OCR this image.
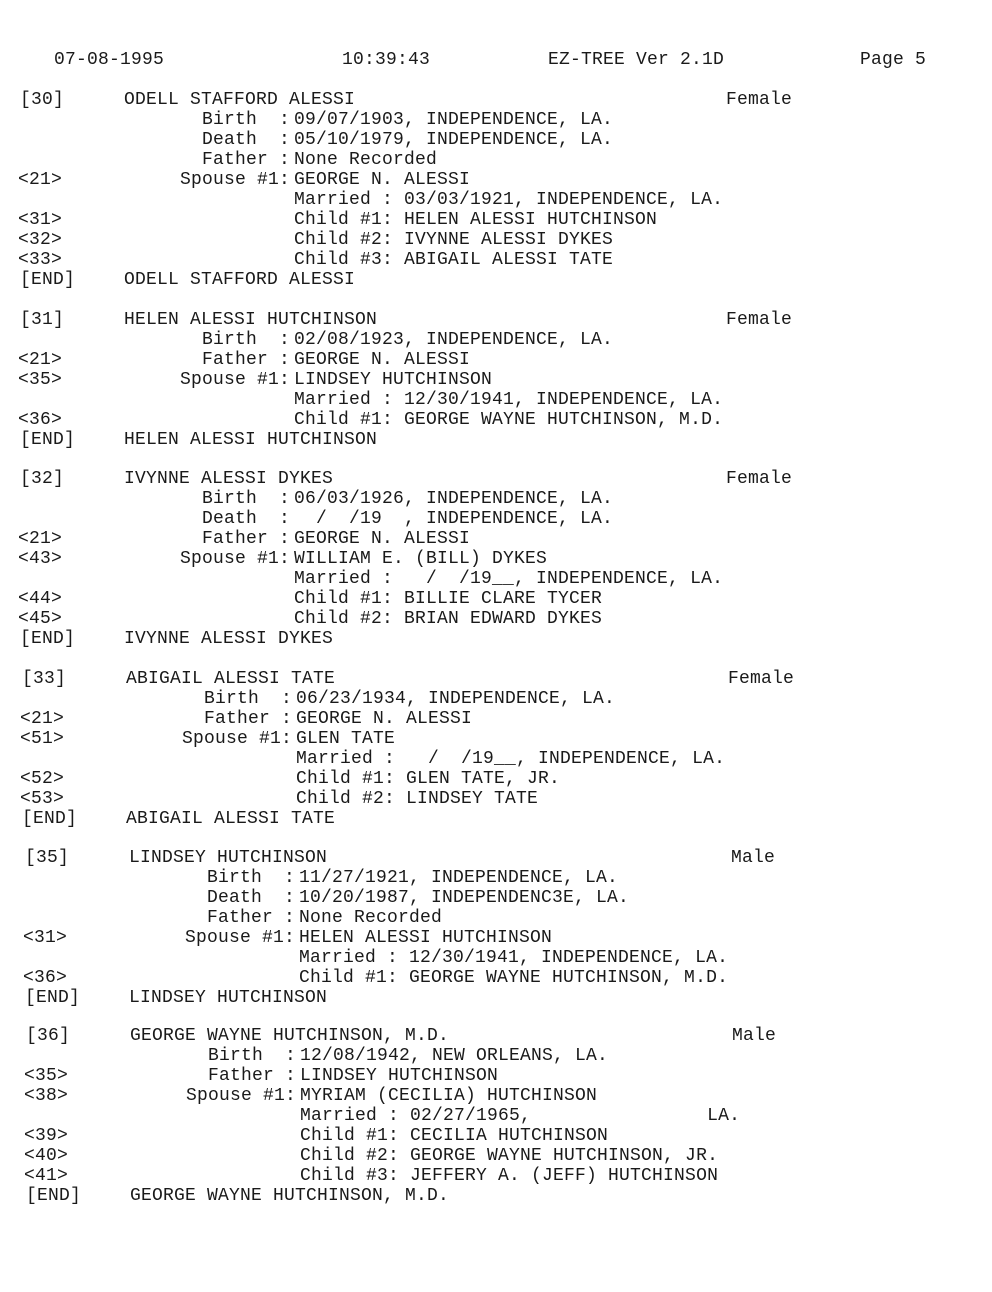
07-08-1995	10:39:43	EZ-TREE Ver 2.1D	Page 5
[30]	ODELL STAFFORD ALESSI	Female
Birth  : 09/07/1903, INDEPENDENCE, LA.
Death  : 05/10/1979, INDEPENDENCE, LA.
Father : None Recorded
<21>	Spouse #1: GEORGE N. ALESSI
Married : 03/03/1921, INDEPENDENCE, LA.
<31>	Child #1: HELEN ALESSI HUTCHINSON
<32>	Child #2: IVYNNE ALESSI DYKES
<33>	Child #3: ABIGAIL ALESSI TATE
[END]	ODELL STAFFORD ALESSI
[31]	HELEN ALESSI HUTCHINSON	Female
Birth  : 02/08/1923, INDEPENDENCE, LA.
<21>	Father : GEORGE N. ALESSI
<35>	Spouse #1: LINDSEY HUTCHINSON
Married : 12/30/1941, INDEPENDENCE, LA.
<36>	Child #1: GEORGE WAYNE HUTCHINSON, M.D.
[END]	HELEN ALESSI HUTCHINSON
[32]	IVYNNE ALESSI DYKES	Female
Birth  : 06/03/1926, INDEPENDENCE, LA.
Death  : /  /19  , INDEPENDENCE, LA.
<21>	Father : GEORGE N. ALESSI
<43>	Spouse #1: WILLIAM E. (BILL) DYKES
Married :   /  /19__, INDEPENDENCE, LA.
<44>	Child #1: BILLIE CLARE TYCER
<45>	Child #2: BRIAN EDWARD DYKES
[END]	IVYNNE ALESSI DYKES
[33]	ABIGAIL ALESSI TATE	Female
Birth  : 06/23/1934, INDEPENDENCE, LA.
<21>	Father : GEORGE N. ALESSI
<51>	Spouse #1: GLEN TATE
Married :   /  /19__, INDEPENDENCE, LA.
<52>	Child #1: GLEN TATE, JR.
<53>	Child #2: LINDSEY TATE
[END]	ABIGAIL ALESSI TATE
[35]	LINDSEY HUTCHINSON	Male
Birth  : 11/27/1921, INDEPENDENCE, LA.
Death  : 10/20/1987, INDEPENDENC3E, LA.
Father : None Recorded
<31>	Spouse #1: HELEN ALESSI HUTCHINSON
Married : 12/30/1941, INDEPENDENCE, LA.
<36>	Child #1: GEORGE WAYNE HUTCHINSON, M.D.
[END]	LINDSEY HUTCHINSON
[36]	GEORGE WAYNE HUTCHINSON, M.D.	Male
Birth  : 12/08/1942, NEW ORLEANS, LA.
<35>	Father : LINDSEY HUTCHINSON
<38>	Spouse #1: MYRIAM (CECILIA) HUTCHINSON
Married : 02/27/1965,                LA.
<39>	Child #1: CECILIA HUTCHINSON
<40>	Child #2: GEORGE WAYNE HUTCHINSON, JR.
<41>	Child #3: JEFFERY A. (JEFF) HUTCHINSON
[END]	GEORGE WAYNE HUTCHINSON, M.D.
